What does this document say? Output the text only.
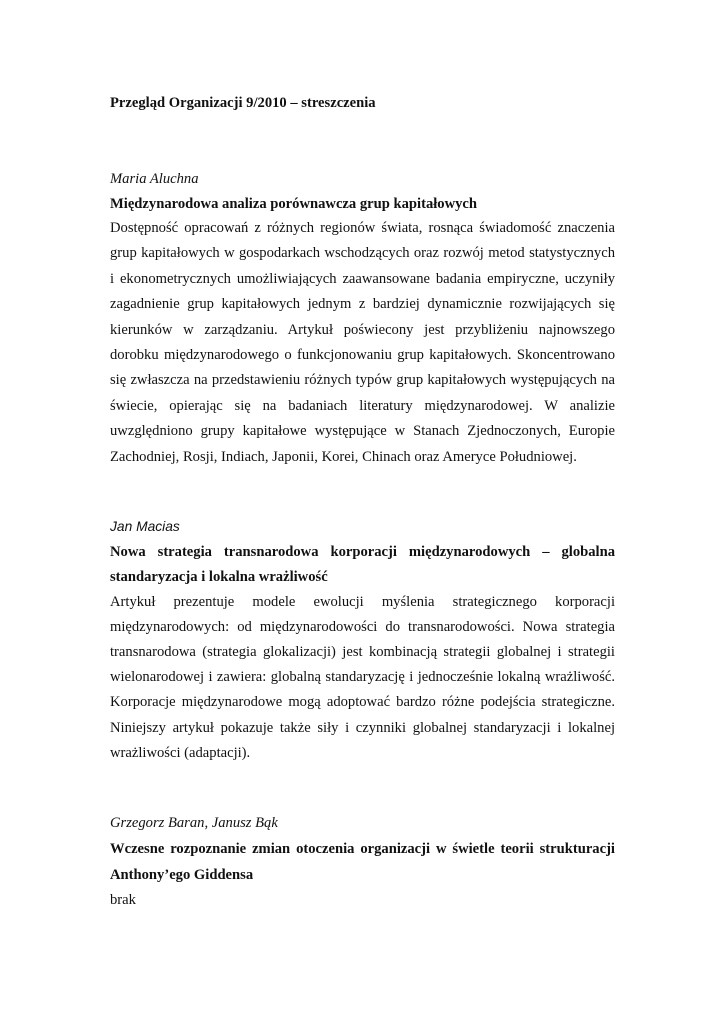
Przegląd Organizacji 9/2010 – streszczenia

Maria Aluchna

Międzynarodowa analiza porównawcza grup kapitałowych

Dostępność opracowań z różnych regionów świata, rosnąca świadomość znaczenia grup kapitałowych w gospodarkach wschodzących oraz rozwój metod statystycznych i ekonometrycznych umożliwiających zaawansowane badania empiryczne, uczyniły zagadnienie grup kapitałowych jednym z bardziej dynamicznie rozwijających się kierunków w zarządzaniu. Artykuł poświecony jest przybliżeniu najnowszego dorobku międzynarodowego o funkcjonowaniu grup kapitałowych. Skoncentrowano się zwłaszcza na przedstawieniu różnych typów grup kapitałowych występujących na świecie, opierając się na badaniach literatury międzynarodowej. W analizie uwzględniono grupy kapitałowe występujące w Stanach Zjednoczonych, Europie Zachodniej, Rosji, Indiach, Japonii, Korei, Chinach oraz Ameryce Południowej.

Jan Macias

Nowa strategia transnarodowa korporacji międzynarodowych – globalna standaryzacja i lokalna wrażliwość

Artykuł prezentuje modele ewolucji myślenia strategicznego korporacji międzynarodowych: od międzynarodowości do transnarodowości. Nowa strategia transnarodowa (strategia glokalizacji) jest kombinacją strategii globalnej i strategii wielonarodowej i zawiera: globalną standaryzację i jednocześnie lokalną wrażliwość. Korporacje międzynarodowe mogą adoptować bardzo różne podejścia strategiczne. Niniejszy artykuł pokazuje także siły i czynniki globalnej standaryzacji i lokalnej wrażliwości (adaptacji).

Grzegorz Baran, Janusz Bąk

Wczesne rozpoznanie zmian otoczenia organizacji w świetle teorii strukturacji Anthony’ego Giddensa

brak
